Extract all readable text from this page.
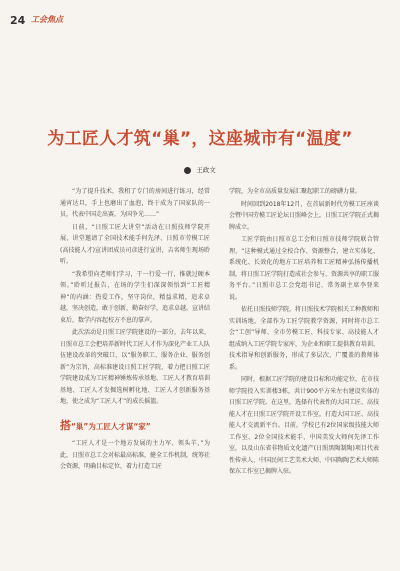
24 工会焦点
为工匠人才筑“巢”，这座城市有“温度”
王政文

“为了提升技术，我租了专门的房间进行练习，经常通宵达旦，手上也磨出了血泡，终于成为了国家队的一员，代表中国走出赛，为国争光……”

日前，“日照工匠大讲堂”活动在日照技师学院开展，讲堂邀请了全国技术能手何先泽、日照市劳模工匠(高技能人才)宣讲团成员司彦进行宣讲，吉名师生现场聆听。

“我希望向老师们学习，干一行爱一行，推就过硬本领。”聆听过报告，在场的学生们深深领悟到“工匠精神”的内涵：热爱工作，坚守岗位，精益求精，追求卓越，坚决创造，敢于创新，勤奋好学，追求卓越。宣讲结束后，数学内容起校方不息的掌声。

此次活动是日照工匠学院建设的一部分，去年以来，日照市总工会把培养新时代工匠人才作为深化产业工人队伍建设改革的突破口，以“服务职工、服务企业、服务创新”为宗旨，高标准建设日照工匠学院，着力把日照工匠学院建设成为工匠精神锤炼传承基地、工匠人才教育培训基地、工匠人才发掘选树孵化地、工匠人才创新服务基地，使之成为“工匠人才”的成长摇篮。

搭“巢”为工匠人才谋“家”

“工匠人才是一个地方发展的主力军、领头羊，”为此，日照市总工会对标最高标准，健全工作机制，统筹社会资源，明确目标定位，着力打造工匠

学院，为全市高质量发展汇聚起职工的磅礴力量。

时间回到2018年12月，在首届新时代劳模工匠座谈会暨中国劳模工匠论坛日照峰会上，日照工匠学院正式揭牌成立。

工匠学院由日照市总工会和日照市技师学院联合管理，“这种模式通过全校合作、资源整合，建立实体化、系统化、长效化的地方工匠培养和工匠精神弘扬传播机制，将日照工匠学院打造成社会参与、资源共享的职工服务平台。”日照市总工会党组书记、常务副主席李登来说。

依托日照技师学院，将日照技术学院相关工种教师和实训场地，全部作为工匠学院教学资源，同时将市总工会“工创”导师、全市劳模工匠、科技专家、高技能人才组成纳入工匠学院专家库，为企业和职工提供教育培训、技术指导和创新服务，形成了多层次、广覆盖的教师体系。

同时，根据工匠学院的建设目标和功能定位，在市技师学院投入实训楼3栋，共计900平方米左右建设实体的日照工匠学院。在这里，选择有代表性的大国工匠、高技能人才在日照工匠学院开设工作室，打造大国工匠、高技能人才交流新平台。目前，学校已有2位国家级技能大师工作室、2位全国技术能手、中国美发大师何先泽工作室，以及山东省非物质文化遗产(日照黑陶制陶)项目代表性传承人、中国民间工艺美术大师、中国陶陶艺术大师陈保东工作室已揭牌入驻。
